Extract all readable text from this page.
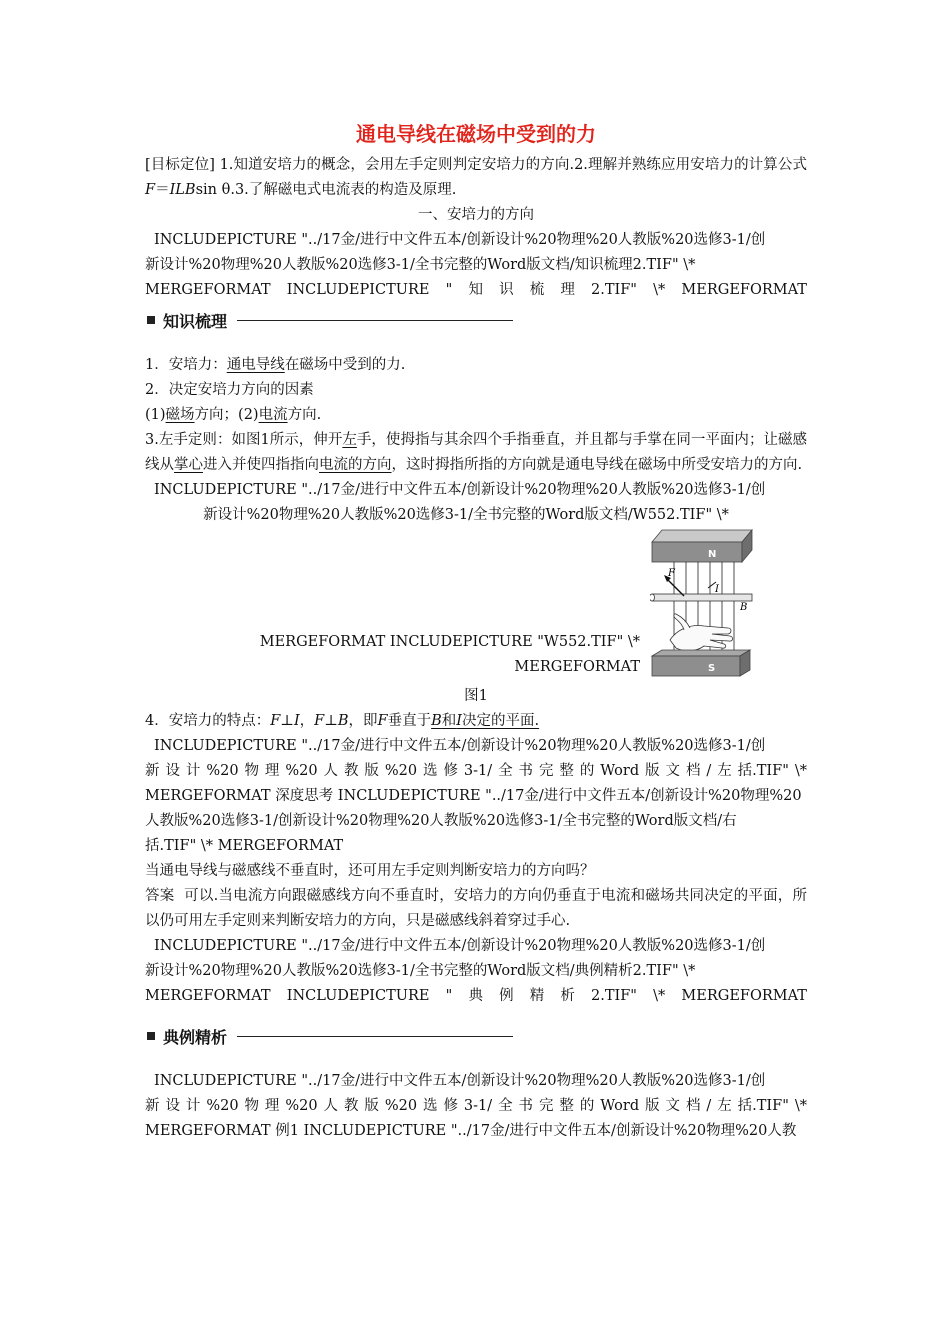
通电导线在磁场中受到的力

[目标定位] 1.知道安培力的概念，会用左手定则判定安培力的方向.2.理解并熟练应用安培力的计算公式F＝ILBsin θ.3.了解磁电式电流表的构造及原理.

一、安培力的方向

INCLUDEPICTURE "../17金/进行中文件五本/创新设计%20物理%20人教版%20选修3-1/创

新设计%20物理%20人教版%20选修3-1/全书完整的Word版文档/知识梳理2.TIF" \*

MERGEFORMAT INCLUDEPICTURE " 知 识 梳 理 2.TIF" \* MERGEFORMAT
知识梳理

1．安培力：通电导线在磁场中受到的力.

2．决定安培力方向的因素

(1)磁场方向；(2)电流方向.

3.左手定则：如图1所示，伸开左手，使拇指与其余四个手指垂直，并且都与手掌在同一平面内；让磁感线从掌心进入并使四指指向电流的方向，这时拇指所指的方向就是通电导线在磁场中所受安培力的方向.

INCLUDEPICTURE "../17金/进行中文件五本/创新设计%20物理%20人教版%20选修3-1/创

新设计%20物理%20人教版%20选修3-1/全书完整的Word版文档/W552.TIF" \*

MERGEFORMAT INCLUDEPICTURE "W552.TIF" \* MERGEFORMAT
N
F
I
B
S

图1

4．安培力的特点：F⊥I，F⊥B，即F垂直于B和I决定的平面.

INCLUDEPICTURE "../17金/进行中文件五本/创新设计%20物理%20人教版%20选修3-1/创

新 设 计 %20 物 理 %20 人 教 版 %20 选 修 3-1/ 全 书 完 整 的 Word 版 文 档 / 左 括.TIF" \*

MERGEFORMAT 深度思考 INCLUDEPICTURE "../17金/进行中文件五本/创新设计%20物理%20

人教版%20选修3-1/创新设计%20物理%20人教版%20选修3-1/全书完整的Word版文档/右

括.TIF" \* MERGEFORMAT

当通电导线与磁感线不垂直时，还可用左手定则判断安培力的方向吗？

答案 可以.当电流方向跟磁感线方向不垂直时，安培力的方向仍垂直于电流和磁场共同决定的平面，所以仍可用左手定则来判断安培力的方向，只是磁感线斜着穿过手心.

INCLUDEPICTURE "../17金/进行中文件五本/创新设计%20物理%20人教版%20选修3-1/创

新设计%20物理%20人教版%20选修3-1/全书完整的Word版文档/典例精析2.TIF" \*

MERGEFORMAT INCLUDEPICTURE " 典 例 精 析 2.TIF" \* MERGEFORMAT
典例精析

INCLUDEPICTURE "../17金/进行中文件五本/创新设计%20物理%20人教版%20选修3-1/创

新 设 计 %20 物 理 %20 人 教 版 %20 选 修 3-1/ 全 书 完 整 的 Word 版 文 档 / 左 括.TIF" \*

MERGEFORMAT 例1 INCLUDEPICTURE "../17金/进行中文件五本/创新设计%20物理%20人教
